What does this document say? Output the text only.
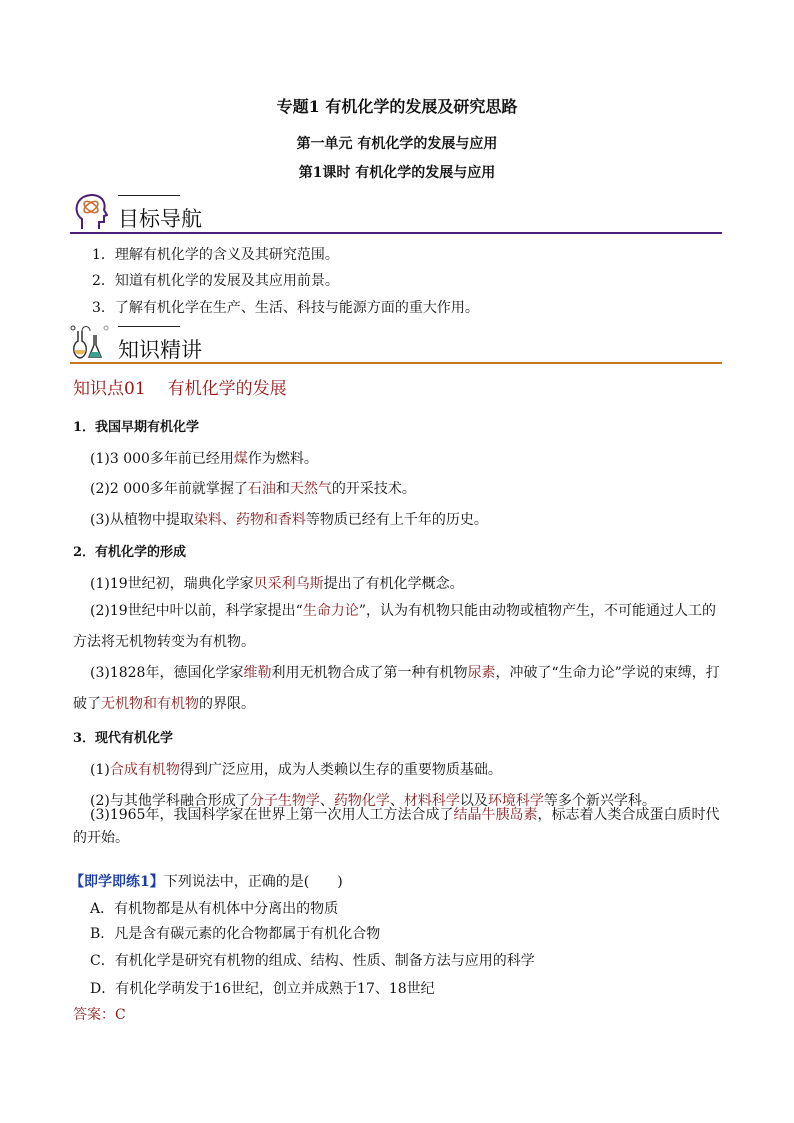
专题1 有机化学的发展及研究思路
第一单元 有机化学的发展与应用
第1课时 有机化学的发展与应用
目标导航
1．理解有机化学的含义及其研究范围。
2．知道有机化学的发展及其应用前景。
3．了解有机化学在生产、生活、科技与能源方面的重大作用。
知识精讲
知识点01 有机化学的发展
1．我国早期有机化学
(1)3 000多年前已经用煤作为燃料。
(2)2 000多年前就掌握了石油和天然气的开采技术。
(3)从植物中提取染料、药物和香料等物质已经有上千年的历史。
2．有机化学的形成
(1)19世纪初，瑞典化学家贝采利乌斯提出了有机化学概念。
(2)19世纪中叶以前，科学家提出“生命力论”，认为有机物只能由动物或植物产生，不可能通过人工的方法将无机物转变为有机物。
(3)1828年，德国化学家维勒利用无机物合成了第一种有机物尿素，冲破了“生命力论”学说的束缚，打破了无机物和有机物的界限。
3．现代有机化学
(1)合成有机物得到广泛应用，成为人类赖以生存的重要物质基础。
(2)与其他学科融合形成了分子生物学、药物化学、材料科学以及环境科学等多个新兴学科。
(3)1965年，我国科学家在世界上第一次用人工方法合成了结晶牛胰岛素，标志着人类合成蛋白质时代的开始。
【即学即练1】下列说法中，正确的是(　　)
A．有机物都是从有机体中分离出的物质
B．凡是含有碳元素的化合物都属于有机化合物
C．有机化学是研究有机物的组成、结构、性质、制备方法与应用的科学
D．有机化学萌发于16世纪，创立并成熟于17、18世纪
答案：C
